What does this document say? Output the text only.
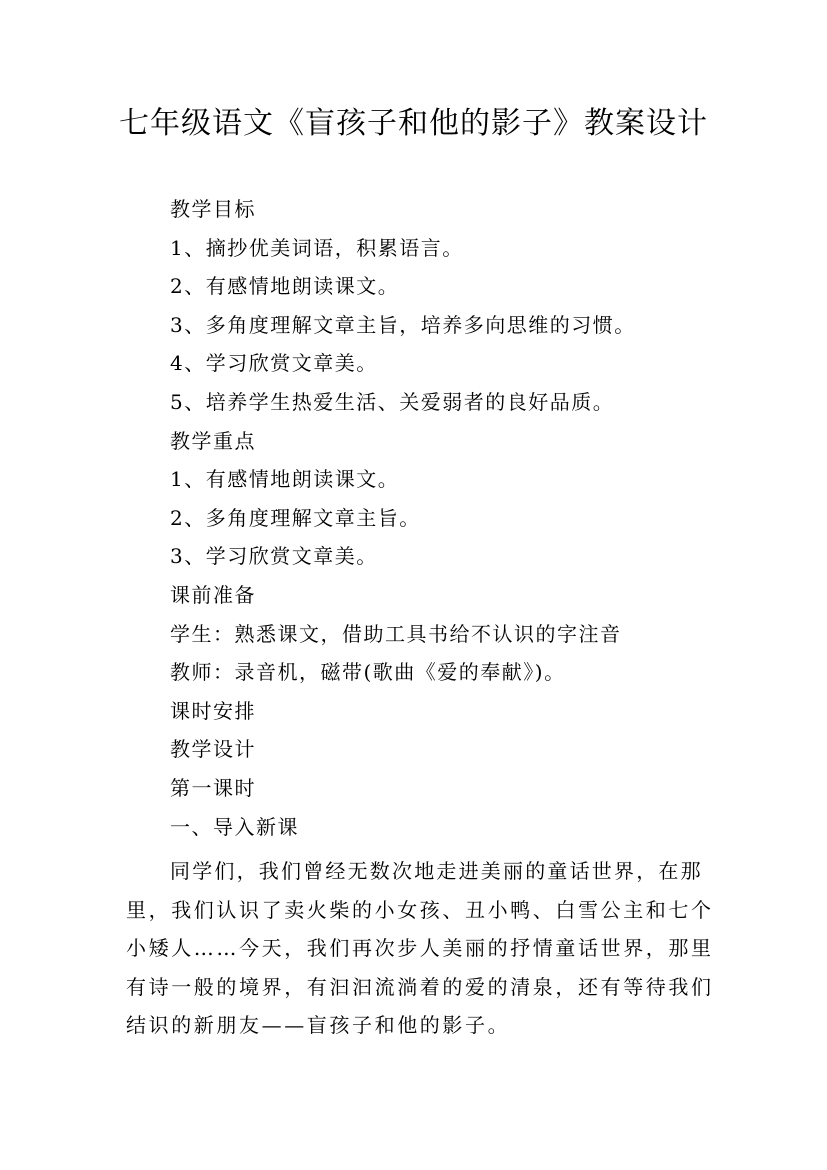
七年级语文《盲孩子和他的影子》教案设计
教学目标
1、摘抄优美词语，积累语言。
2、有感情地朗读课文。
3、多角度理解文章主旨，培养多向思维的习惯。
4、学习欣赏文章美。
5、培养学生热爱生活、关爱弱者的良好品质。
教学重点
1、有感情地朗读课文。
2、多角度理解文章主旨。
3、学习欣赏文章美。
课前准备
学生：熟悉课文，借助工具书给不认识的字注音
教师：录音机，磁带(歌曲《爱的奉献》)。
课时安排
教学设计
第一课时
一、导入新课
同学们，我们曾经无数次地走进美丽的童话世界，在那
里，我们认识了卖火柴的小女孩、丑小鸭、白雪公主和七个
小矮人……今天，我们再次步人美丽的抒情童话世界，那里
有诗一般的境界，有汩汩流淌着的爱的清泉，还有等待我们
结识的新朋友——盲孩子和他的影子。
